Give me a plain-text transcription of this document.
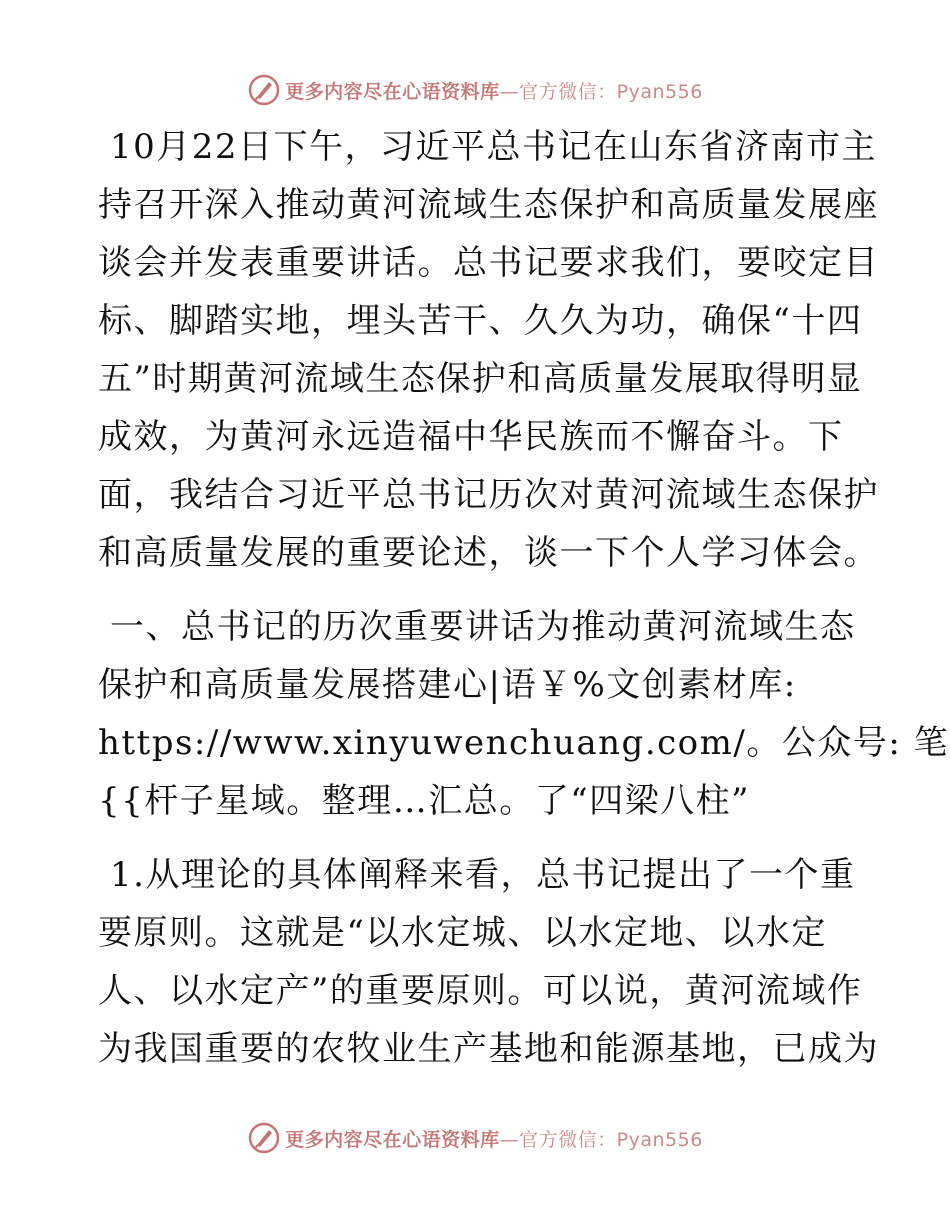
更多内容尽在心语资料库—官方微信：Pyan556

10月22日下午，习近平总书记在山东省济南市主
持召开深入推动黄河流域生态保护和高质量发展座
谈会并发表重要讲话。总书记要求我们，要咬定目
标、脚踏实地，埋头苦干、久久为功，确保“十四
五”时期黄河流域生态保护和高质量发展取得明显
成效，为黄河永远造福中华民族而不懈奋斗。下
面，我结合习近平总书记历次对黄河流域生态保护
和高质量发展的重要论述，谈一下个人学习体会。

一、总书记的历次重要讲话为推动黄河流域生态
保护和高质量发展搭建心|语￥%文创素材库:
https://www.xinyuwenchuang.com/。公众号: 笔
{{杆子星域。整理…汇总。了“四梁八柱”

1.从理论的具体阐释来看，总书记提出了一个重
要原则。这就是“以水定城、以水定地、以水定
人、以水定产”的重要原则。可以说，黄河流域作
为我国重要的农牧业生产基地和能源基地，已成为

更多内容尽在心语资料库—官方微信：Pyan556
